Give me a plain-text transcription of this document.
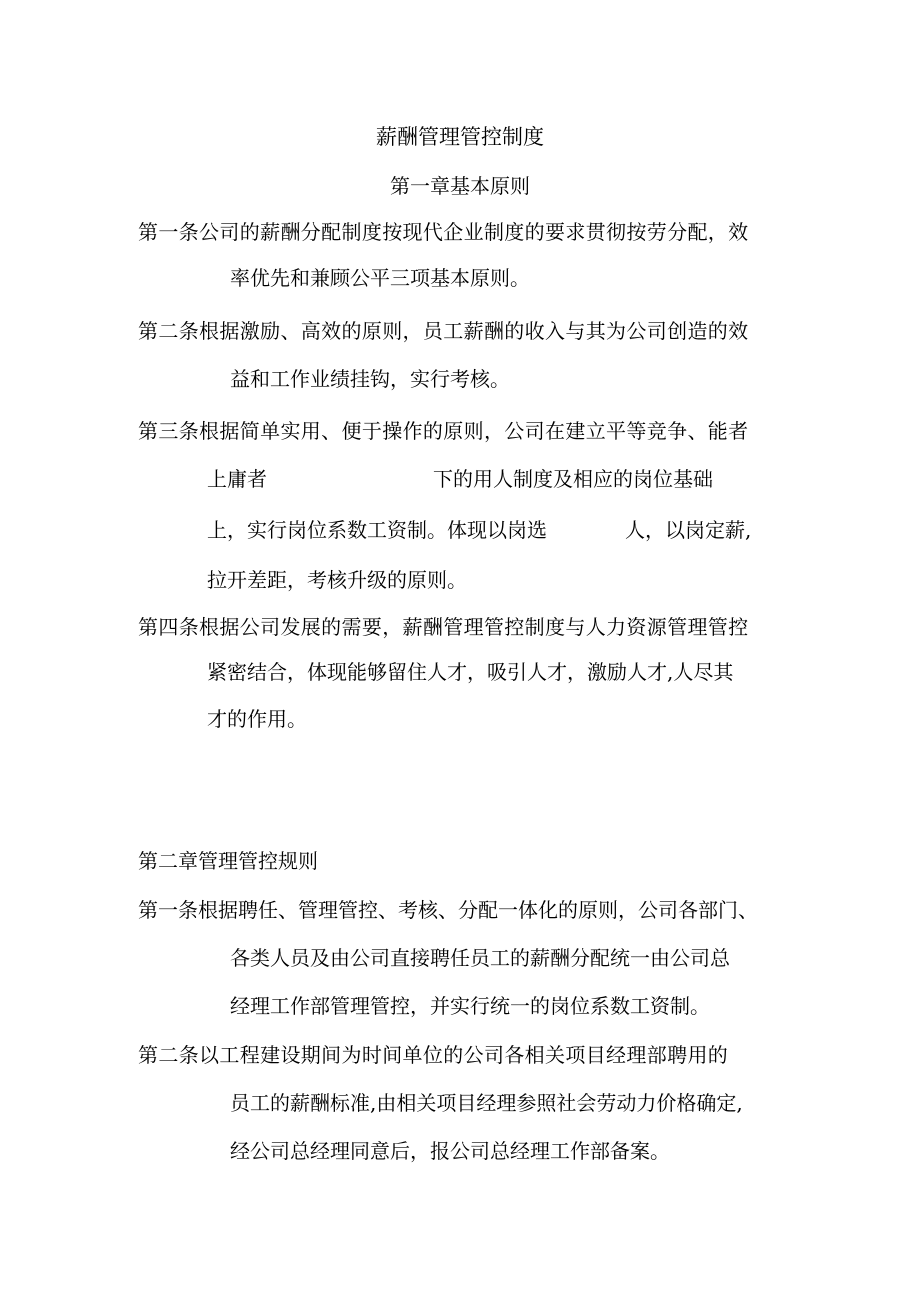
薪酬管理管控制度
第一章基本原则
第一条公司的薪酬分配制度按现代企业制度的要求贯彻按劳分配，效
率优先和兼顾公平三项基本原则。
第二条根据激励、高效的原则，员工薪酬的收入与其为公司创造的效
益和工作业绩挂钩，实行考核。
第三条根据简单实用、便于操作的原则，公司在建立平等竞争、能者
上庸者	下的用人制度及相应的岗位基础
上，实行岗位系数工资制。体现以岗选	人，以岗定薪,
拉开差距，考核升级的原则。
第四条根据公司发展的需要，薪酬管理管控制度与人力资源管理管控
紧密结合，体现能够留住人才，吸引人才，激励人才,人尽其
才的作用。
第二章管理管控规则
第一条根据聘任、管理管控、考核、分配一体化的原则，公司各部门、
各类人员及由公司直接聘任员工的薪酬分配统一由公司总
经理工作部管理管控，并实行统一的岗位系数工资制。
第二条以工程建设期间为时间单位的公司各相关项目经理部聘用的
员工的薪酬标准,由相关项目经理参照社会劳动力价格确定,
经公司总经理同意后，报公司总经理工作部备案。
